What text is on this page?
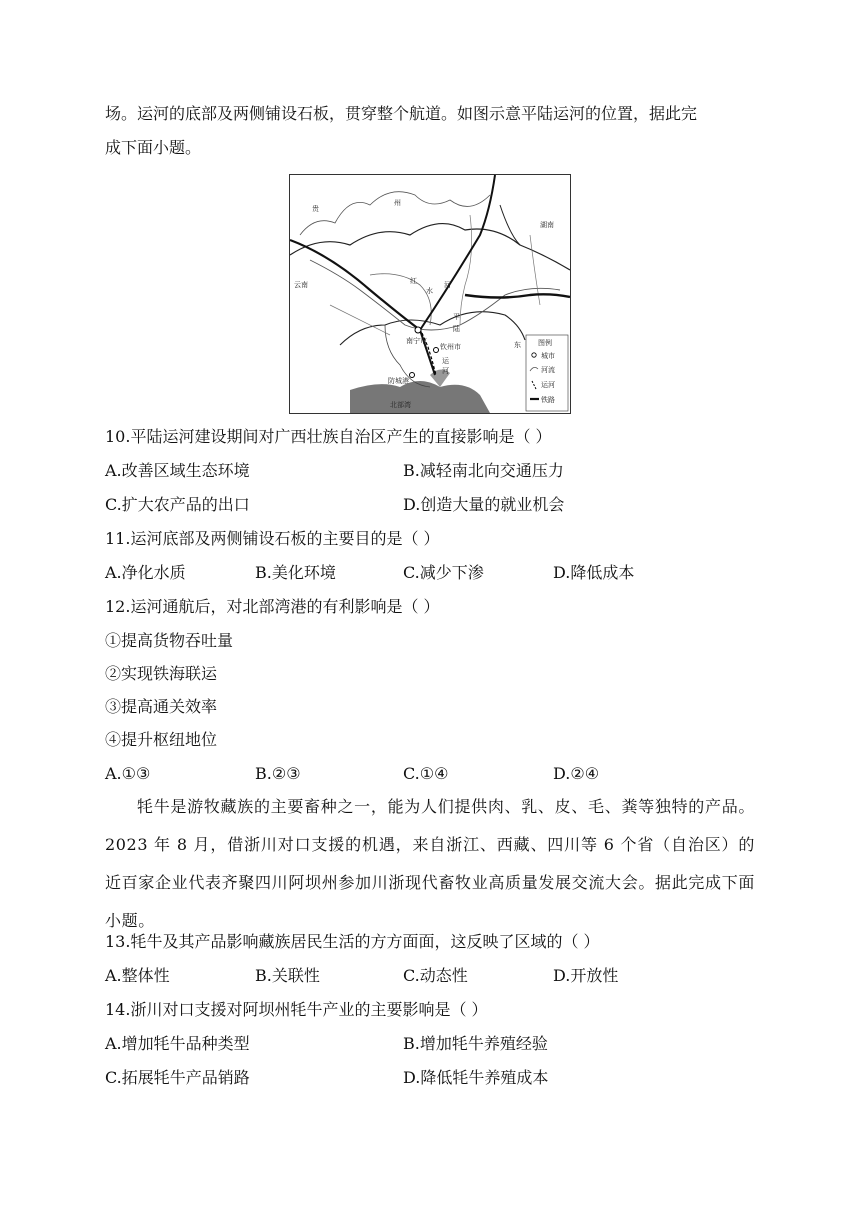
场。运河的底部及两侧铺设石板，贯穿整个航道。如图示意平陆运河的位置，据此完
成下面小题。
贵
州
湖南
云南	红
水
河
南宁市
钦州市
防城港
北部湾
东
平
陆
运
河
图例
城市
河流
运河
铁路
10.平陆运河建设期间对广西壮族自治区产生的直接影响是（ ）
A.改善区域生态环境	B.减轻南北向交通压力
C.扩大农产品的出口	D.创造大量的就业机会
11.运河底部及两侧铺设石板的主要目的是（ ）
A.净化水质	B.美化环境	C.减少下渗	D.降低成本
12.运河通航后，对北部湾港的有利影响是（ ）
①提高货物吞吐量
②实现铁海联运
③提高通关效率
④提升枢纽地位
A.①③	B.②③	C.①④	D.②④
牦牛是游牧藏族的主要畜种之一，能为人们提供肉、乳、皮、毛、粪等独特的产品。2023 年 8 月，借浙川对口支援的机遇，来自浙江、西藏、四川等 6 个省（自治区）的近百家企业代表齐聚四川阿坝州参加川浙现代畜牧业高质量发展交流大会。据此完成下面小题。
13.牦牛及其产品影响藏族居民生活的方方面面，这反映了区域的（ ）
A.整体性	B.关联性	C.动态性	D.开放性
14.浙川对口支援对阿坝州牦牛产业的主要影响是（ ）
A.增加牦牛品种类型	B.增加牦牛养殖经验
C.拓展牦牛产品销路	D.降低牦牛养殖成本
